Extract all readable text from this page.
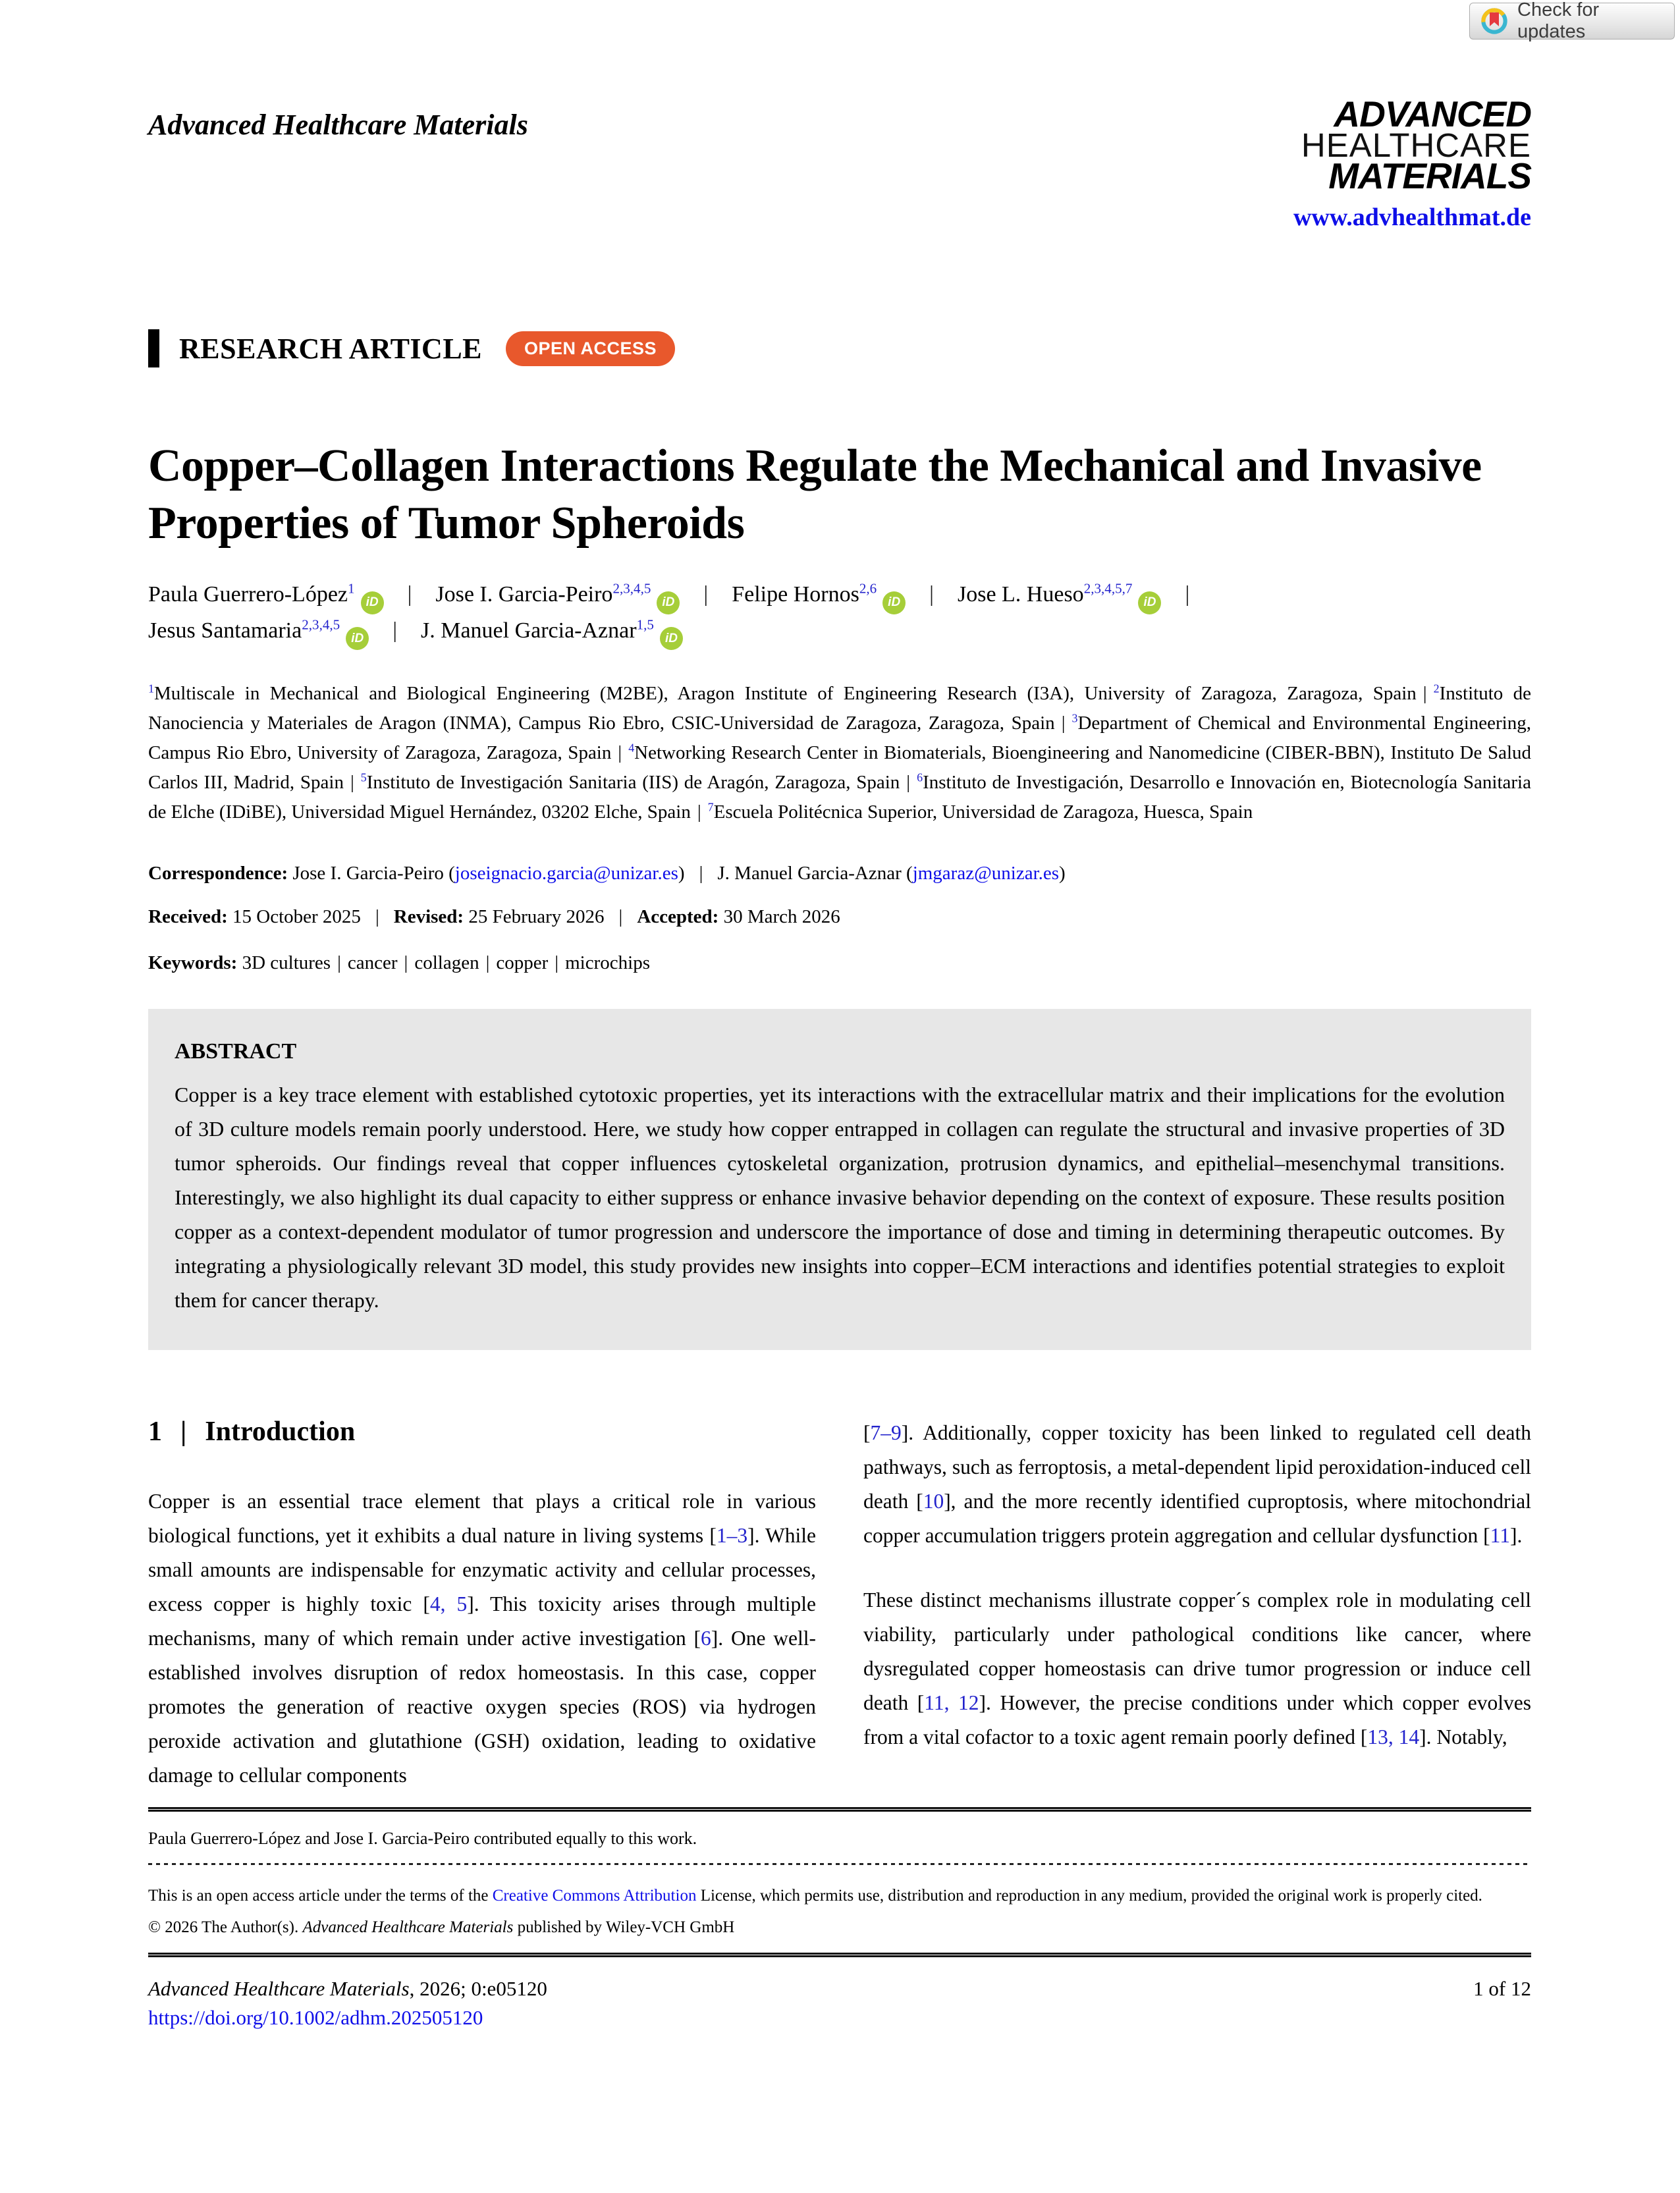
Check for updates
Advanced Healthcare Materials	ADVANCED
HEALTHCARE
MATERIALS
www.advhealthmat.de
RESEARCH ARTICLE	OPEN ACCESS
Copper–Collagen Interactions Regulate the Mechanical and Invasive Properties of Tumor Spheroids
Paula Guerrero-López$^1$iD | Jose I. Garcia-Peiro$^{2,3,4,5}$iD | Felipe Hornos$^{2,6}$iD | Jose L. Hueso$^{2,3,4,5,7}$iD |
Jesus Santamaria$^{2,3,4,5}$iD | J. Manuel Garcia-Aznar$^{1,5}$iD
$^1$Multiscale in Mechanical and Biological Engineering (M2BE), Aragon Institute of Engineering Research (I3A), University of Zaragoza, Zaragoza, Spain | $^2$Instituto de Nanociencia y Materiales de Aragon (INMA), Campus Rio Ebro, CSIC-Universidad de Zaragoza, Zaragoza, Spain | $^3$Department of Chemical and Environmental Engineering, Campus Rio Ebro, University of Zaragoza, Zaragoza, Spain | $^4$Networking Research Center in Biomaterials, Bioengineering and Nanomedicine (CIBER-BBN), Instituto De Salud Carlos III, Madrid, Spain | $^5$Instituto de Investigación Sanitaria (IIS) de Aragón, Zaragoza, Spain | $^6$Instituto de Investigación, Desarrollo e Innovación en, Biotecnología Sanitaria de Elche (IDiBE), Universidad Miguel Hernández, 03202 Elche, Spain | $^7$Escuela Politécnica Superior, Universidad de Zaragoza, Huesca, Spain
Correspondence: Jose I. Garcia-Peiro (joseignacio.garcia@unizar.es) | J. Manuel Garcia-Aznar (jmgaraz@unizar.es)
Received: 15 October 2025 | Revised: 25 February 2026 | Accepted: 30 March 2026
Keywords: 3D cultures | cancer | collagen | copper | microchips
ABSTRACT
Copper is a key trace element with established cytotoxic properties, yet its interactions with the extracellular matrix and their implications for the evolution of 3D culture models remain poorly understood. Here, we study how copper entrapped in collagen can regulate the structural and invasive properties of 3D tumor spheroids. Our findings reveal that copper influences cytoskeletal organization, protrusion dynamics, and epithelial–mesenchymal transitions. Interestingly, we also highlight its dual capacity to either suppress or enhance invasive behavior depending on the context of exposure. These results position copper as a context-dependent modulator of tumor progression and underscore the importance of dose and timing in determining therapeutic outcomes. By integrating a physiologically relevant 3D model, this study provides new insights into copper–ECM interactions and identifies potential strategies to exploit them for cancer therapy.
1 | Introduction

Copper is an essential trace element that plays a critical role in various biological functions, yet it exhibits a dual nature in living systems [1–3]. While small amounts are indispensable for enzymatic activity and cellular processes, excess copper is highly toxic [4, 5]. This toxicity arises through multiple mechanisms, many of which remain under active investigation [6]. One well-established involves disruption of redox homeostasis. In this case, copper promotes the generation of reactive oxygen species (ROS) via hydrogen peroxide activation and glutathione (GSH) oxidation, leading to oxidative damage to cellular components

[7–9]. Additionally, copper toxicity has been linked to regulated cell death pathways, such as ferroptosis, a metal-dependent lipid peroxidation-induced cell death [10], and the more recently identified cuproptosis, where mitochondrial copper accumulation triggers protein aggregation and cellular dysfunction [11].

These distinct mechanisms illustrate copper´s complex role in modulating cell viability, particularly under pathological conditions like cancer, where dysregulated copper homeostasis can drive tumor progression or induce cell death [11, 12]. However, the precise conditions under which copper evolves from a vital cofactor to a toxic agent remain poorly defined [13, 14]. Notably,

Paula Guerrero-López and Jose I. Garcia-Peiro contributed equally to this work.
This is an open access article under the terms of the Creative Commons Attribution License, which permits use, distribution and reproduction in any medium, provided the original work is properly cited.
© 2026 The Author(s). Advanced Healthcare Materials published by Wiley-VCH GmbH
Advanced Healthcare Materials, 2026; 0:e05120
https://doi.org/10.1002/adhm.202505120
1 of 12
